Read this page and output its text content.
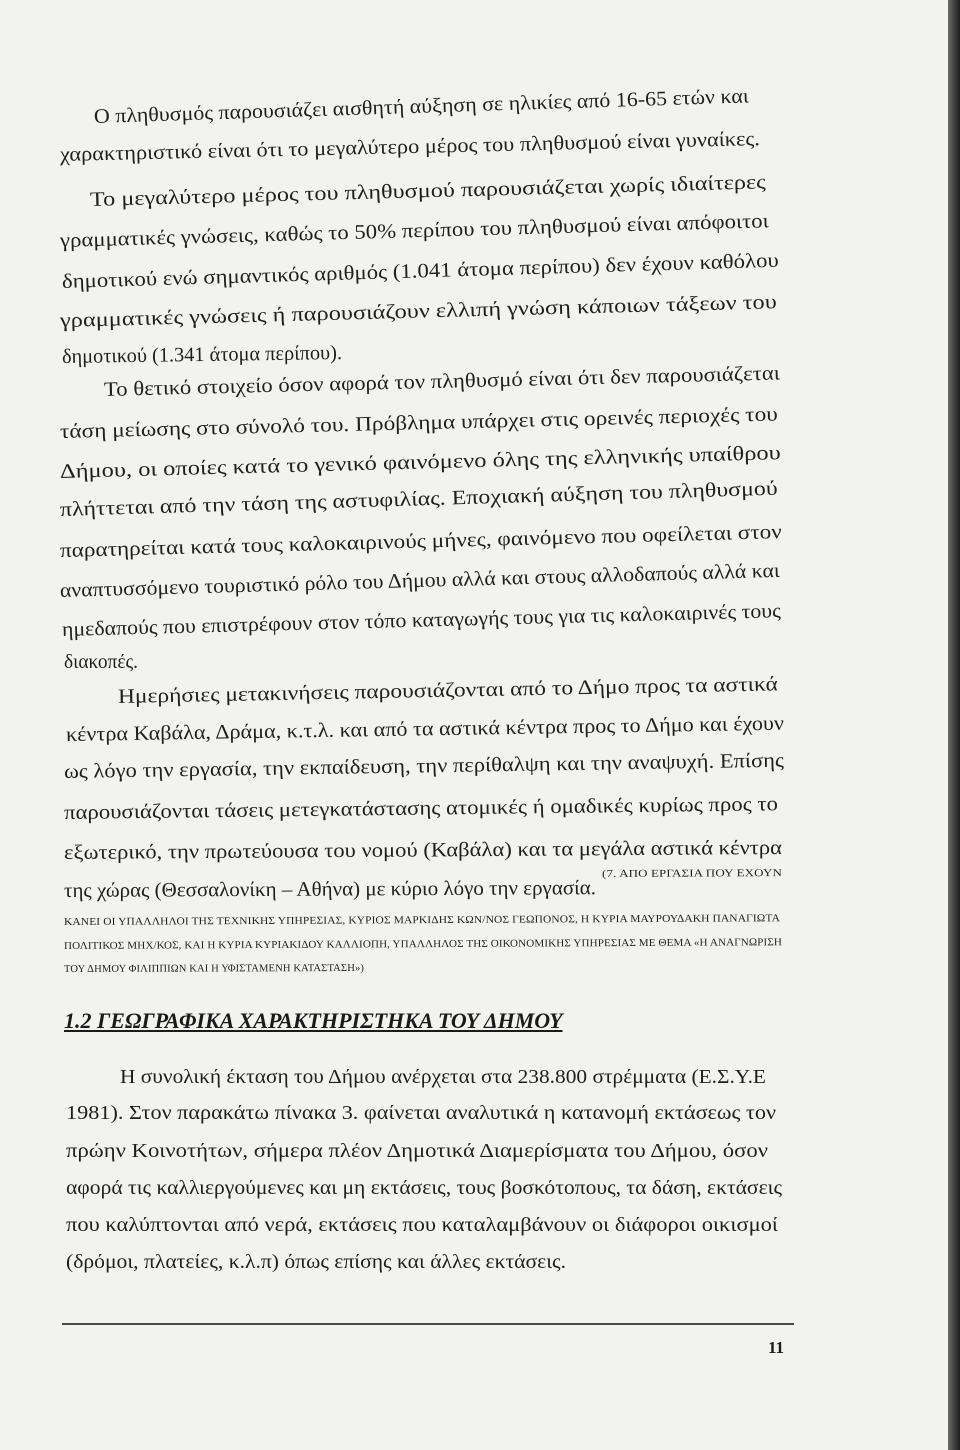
Ο πληθυσμός παρουσιάζει αισθητή αύξηση σε ηλικίες από 16-65 ετών και
χαρακτηριστικό είναι ότι το μεγαλύτερο μέρος του πληθυσμού είναι γυναίκες.
Το μεγαλύτερο μέρος του πληθυσμού παρουσιάζεται χωρίς ιδιαίτερες
γραμματικές γνώσεις, καθώς το 50% περίπου του πληθυσμού είναι απόφοιτοι
δημοτικού ενώ σημαντικός αριθμός (1.041 άτομα περίπου) δεν έχουν καθόλου
γραμματικές γνώσεις ή παρουσιάζουν ελλιπή γνώση κάποιων τάξεων του
δημοτικού (1.341 άτομα περίπου).
Το θετικό στοιχείο όσον αφορά τον πληθυσμό είναι ότι δεν παρουσιάζεται
τάση μείωσης στο σύνολό του. Πρόβλημα υπάρχει στις ορεινές περιοχές του
Δήμου, οι οποίες κατά το γενικό φαινόμενο όλης της ελληνικής υπαίθρου
πλήττεται από την τάση της αστυφιλίας. Εποχιακή αύξηση του πληθυσμού
παρατηρείται κατά τους καλοκαιρινούς μήνες, φαινόμενο που οφείλεται στον
αναπτυσσόμενο τουριστικό ρόλο του Δήμου αλλά και στους αλλοδαπούς αλλά και
ημεδαπούς που επιστρέφουν στον τόπο καταγωγής τους για τις καλοκαιρινές τους
διακοπές.
Ημερήσιες μετακινήσεις παρουσιάζονται από το Δήμο προς τα αστικά
κέντρα Καβάλα, Δράμα, κ.τ.λ. και από τα αστικά κέντρα προς το Δήμο και έχουν
ως λόγο την εργασία, την εκπαίδευση, την περίθαλψη και την αναψυχή. Επίσης
παρουσιάζονται τάσεις μετεγκατάστασης ατομικές ή ομαδικές κυρίως προς το
εξωτερικό, την πρωτεύουσα του νομού (Καβάλα) και τα μεγάλα αστικά κέντρα
της χώρας (Θεσσαλονίκη – Αθήνα) με κύριο λόγο την εργασία.
(7. ΑΠΟ ΕΡΓΑΣΙΑ ΠΟΥ ΕΧΟΥΝ
ΚΑΝΕΙ ΟΙ ΥΠΑΛΛΗΛΟΙ ΤΗΣ ΤΕΧΝΙΚΗΣ ΥΠΗΡΕΣΙΑΣ, ΚΥΡΙΟΣ ΜΑΡΚΙΔΗΣ ΚΩΝ/ΝΟΣ ΓΕΩΠΟΝΟΣ, Η ΚΥΡΙΑ ΜΑΥΡΟΥΔΑΚΗ ΠΑΝΑΓΙΩΤΑ
ΠΟΛΙΤΙΚΟΣ ΜΗΧ/ΚΟΣ, ΚΑΙ Η ΚΥΡΙΑ ΚΥΡΙΑΚΙΔΟΥ ΚΑΛΛΙΟΠΗ, ΥΠΑΛΛΗΛΟΣ ΤΗΣ ΟΙΚΟΝΟΜΙΚΗΣ ΥΠΗΡΕΣΙΑΣ ΜΕ ΘΕΜΑ «Η ΑΝΑΓΝΩΡΙΣΗ
ΤΟΥ ΔΗΜΟΥ ΦΙΛΙΠΠΙΩΝ ΚΑΙ Η ΥΦΙΣΤΑΜΕΝΗ ΚΑΤΑΣΤΑΣΗ»)
1.2 ΓΕΩΓΡΑΦΙΚΑ ΧΑΡΑΚΤΗΡΙΣΤΗΚΑ ΤΟΥ ΔΗΜΟΥ
Η συνολική έκταση του Δήμου ανέρχεται στα 238.800 στρέμματα (Ε.Σ.Υ.Ε
1981). Στον παρακάτω πίνακα 3. φαίνεται αναλυτικά η κατανομή εκτάσεως τον
πρώην Κοινοτήτων, σήμερα πλέον Δημοτικά Διαμερίσματα του Δήμου, όσον
αφορά τις καλλιεργούμενες και μη εκτάσεις, τους βοσκότοπους, τα δάση, εκτάσεις
που καλύπτονται από νερά, εκτάσεις που καταλαμβάνουν οι διάφοροι οικισμοί
(δρόμοι, πλατείες, κ.λ.π) όπως επίσης και άλλες εκτάσεις.
11
